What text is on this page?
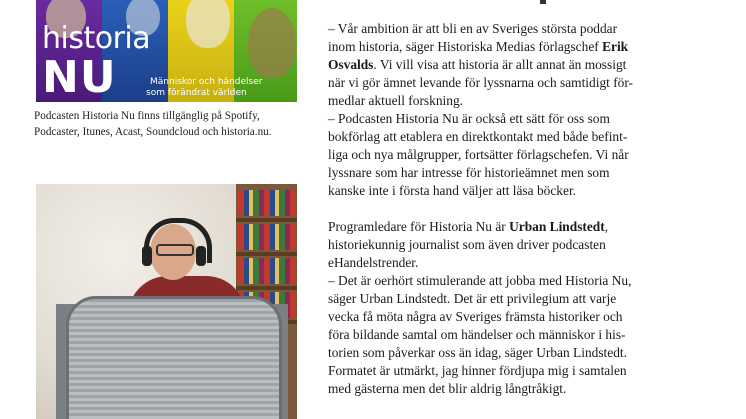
historia
NU	Människor och händelser
som förändrat världen

Podcasten Historia Nu finns tillgänglig på Spotify,

Podcaster, Itunes, Acast, Soundcloud och historia.nu.

– Vår ambition är att bli en av Sveriges största poddar
inom historia, säger Historiska Medias förlagschef Erik
Osvalds. Vi vill visa att historia är allt annat än mossigt
när vi gör ämnet levande för lyssnarna och samtidigt för-
medlar aktuell forskning.
– Podcasten Historia Nu är också ett sätt för oss som
bokförlag att etablera en direktkontakt med både befint-
liga och nya målgrupper, fortsätter förlagschefen. Vi når
lyssnare som har intresse för historieämnet men som
kanske inte i första hand väljer att läsa böcker.
Programledare för Historia Nu är Urban Lindstedt,
historiekunnig journalist som även driver podcasten
eHandelstrender.
– Det är oerhört stimulerande att jobba med Historia Nu,
säger Urban Lindstedt. Det är ett privilegium att varje
vecka få möta några av Sveriges främsta historiker och
föra bildande samtal om händelser och människor i his-
torien som påverkar oss än idag, säger Urban Lindstedt.
Formatet är utmärkt, jag hinner fördjupa mig i samtalen
med gästerna men det blir aldrig långtråkigt.
